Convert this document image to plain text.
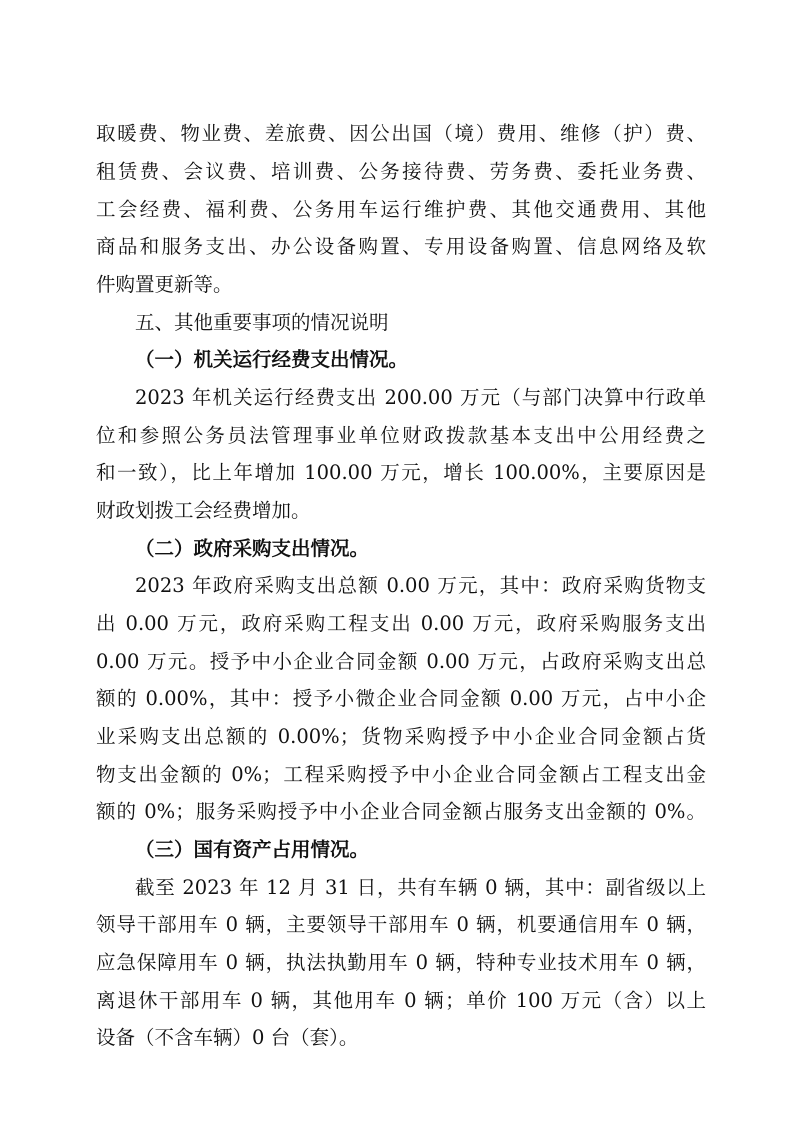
取暖费、物业费、差旅费、因公出国（境）费用、维修（护）费、
租赁费、会议费、培训费、公务接待费、劳务费、委托业务费、
工会经费、福利费、公务用车运行维护费、其他交通费用、其他
商品和服务支出、办公设备购置、专用设备购置、信息网络及软
件购置更新等。
五、其他重要事项的情况说明
（一）机关运行经费支出情况。
2023 年机关运行经费支出 200.00 万元（与部门决算中行政单
位和参照公务员法管理事业单位财政拨款基本支出中公用经费之
和一致），比上年增加 100.00 万元，增长 100.00%，主要原因是
财政划拨工会经费增加。
（二）政府采购支出情况。
2023 年政府采购支出总额 0.00 万元，其中：政府采购货物支
出 0.00 万元，政府采购工程支出 0.00 万元，政府采购服务支出
0.00 万元。授予中小企业合同金额 0.00 万元，占政府采购支出总
额的 0.00%，其中：授予小微企业合同金额 0.00 万元，占中小企
业采购支出总额的 0.00%；货物采购授予中小企业合同金额占货
物支出金额的 0%；工程采购授予中小企业合同金额占工程支出金
额的 0%；服务采购授予中小企业合同金额占服务支出金额的 0%。
（三）国有资产占用情况。
截至 2023 年 12 月 31 日，共有车辆 0 辆，其中：副省级以上
领导干部用车 0 辆，主要领导干部用车 0 辆，机要通信用车 0 辆，
应急保障用车 0 辆，执法执勤用车 0 辆，特种专业技术用车 0 辆，
离退休干部用车 0 辆，其他用车 0 辆；单价 100 万元（含）以上
设备（不含车辆）0 台（套）。
